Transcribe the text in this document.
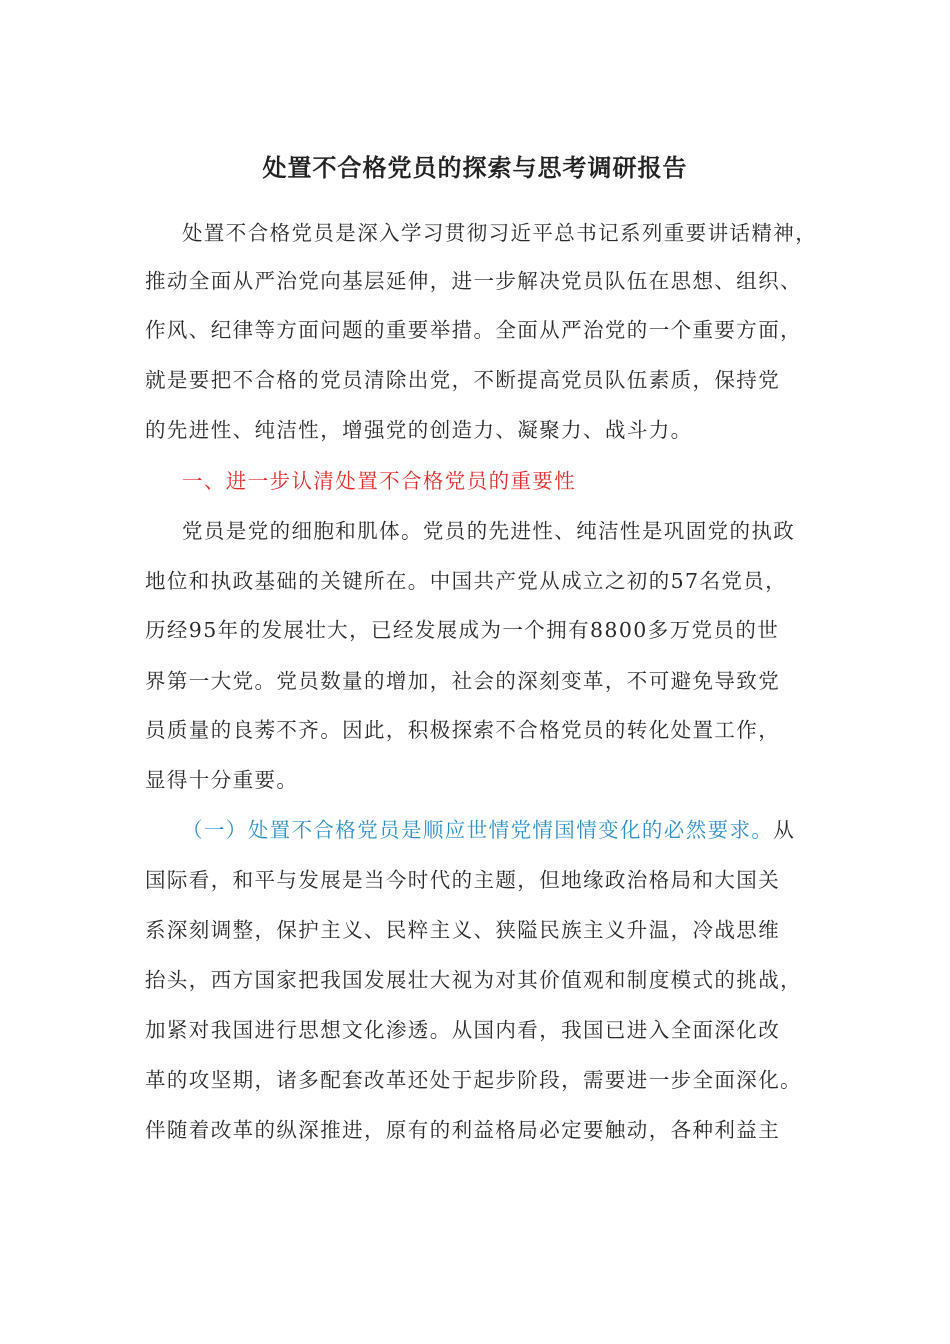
处置不合格党员的探索与思考调研报告
处置不合格党员是深入学习贯彻习近平总书记系列重要讲话精神，
推动全面从严治党向基层延伸，进一步解决党员队伍在思想、组织、
作风、纪律等方面问题的重要举措。全面从严治党的一个重要方面，
就是要把不合格的党员清除出党，不断提高党员队伍素质，保持党
的先进性、纯洁性，增强党的创造力、凝聚力、战斗力。
一、进一步认清处置不合格党员的重要性
党员是党的细胞和肌体。党员的先进性、纯洁性是巩固党的执政
地位和执政基础的关键所在。中国共产党从成立之初的57名党员，
历经95年的发展壮大，已经发展成为一个拥有8800多万党员的世
界第一大党。党员数量的增加，社会的深刻变革，不可避免导致党
员质量的良莠不齐。因此，积极探索不合格党员的转化处置工作，
显得十分重要。
（一）处置不合格党员是顺应世情党情国情变化的必然要求。从
国际看，和平与发展是当今时代的主题，但地缘政治格局和大国关
系深刻调整，保护主义、民粹主义、狭隘民族主义升温，冷战思维
抬头，西方国家把我国发展壮大视为对其价值观和制度模式的挑战，
加紧对我国进行思想文化渗透。从国内看，我国已进入全面深化改
革的攻坚期，诸多配套改革还处于起步阶段，需要进一步全面深化。
伴随着改革的纵深推进，原有的利益格局必定要触动，各种利益主
